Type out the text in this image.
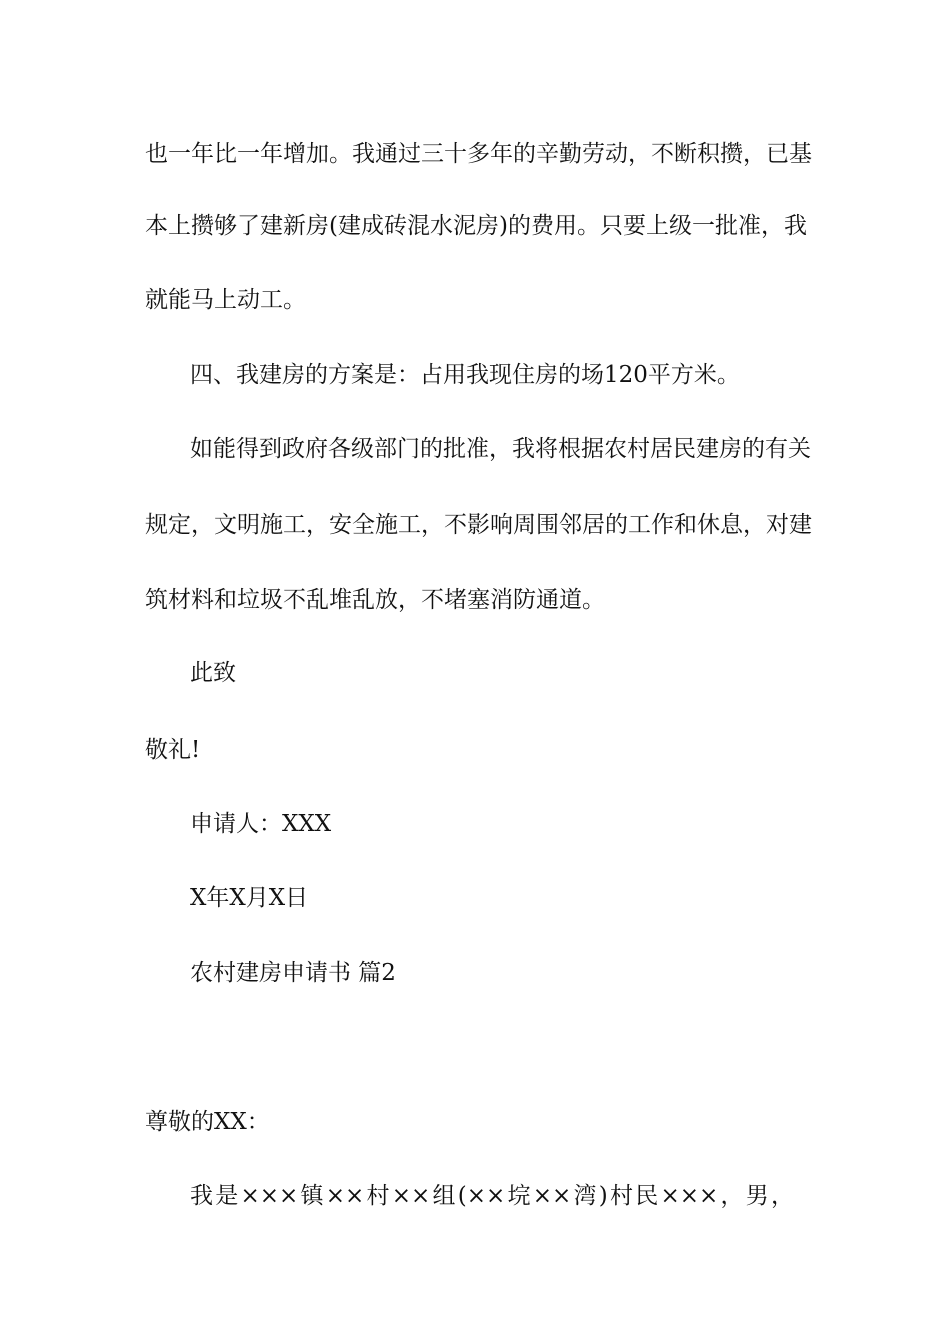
也一年比一年增加。我通过三十多年的辛勤劳动，不断积攒，已基
本上攒够了建新房(建成砖混水泥房)的费用。只要上级一批准，我
就能马上动工。
四、我建房的方案是：占用我现住房的场120平方米。
如能得到政府各级部门的批准，我将根据农村居民建房的有关
规定，文明施工，安全施工，不影响周围邻居的工作和休息，对建
筑材料和垃圾不乱堆乱放，不堵塞消防通道。
此致
敬礼!
申请人：XXX
X年X月X日
农村建房申请书 篇2
尊敬的XX：
我是×××镇××村××组(××垸××湾)村民×××，男，
